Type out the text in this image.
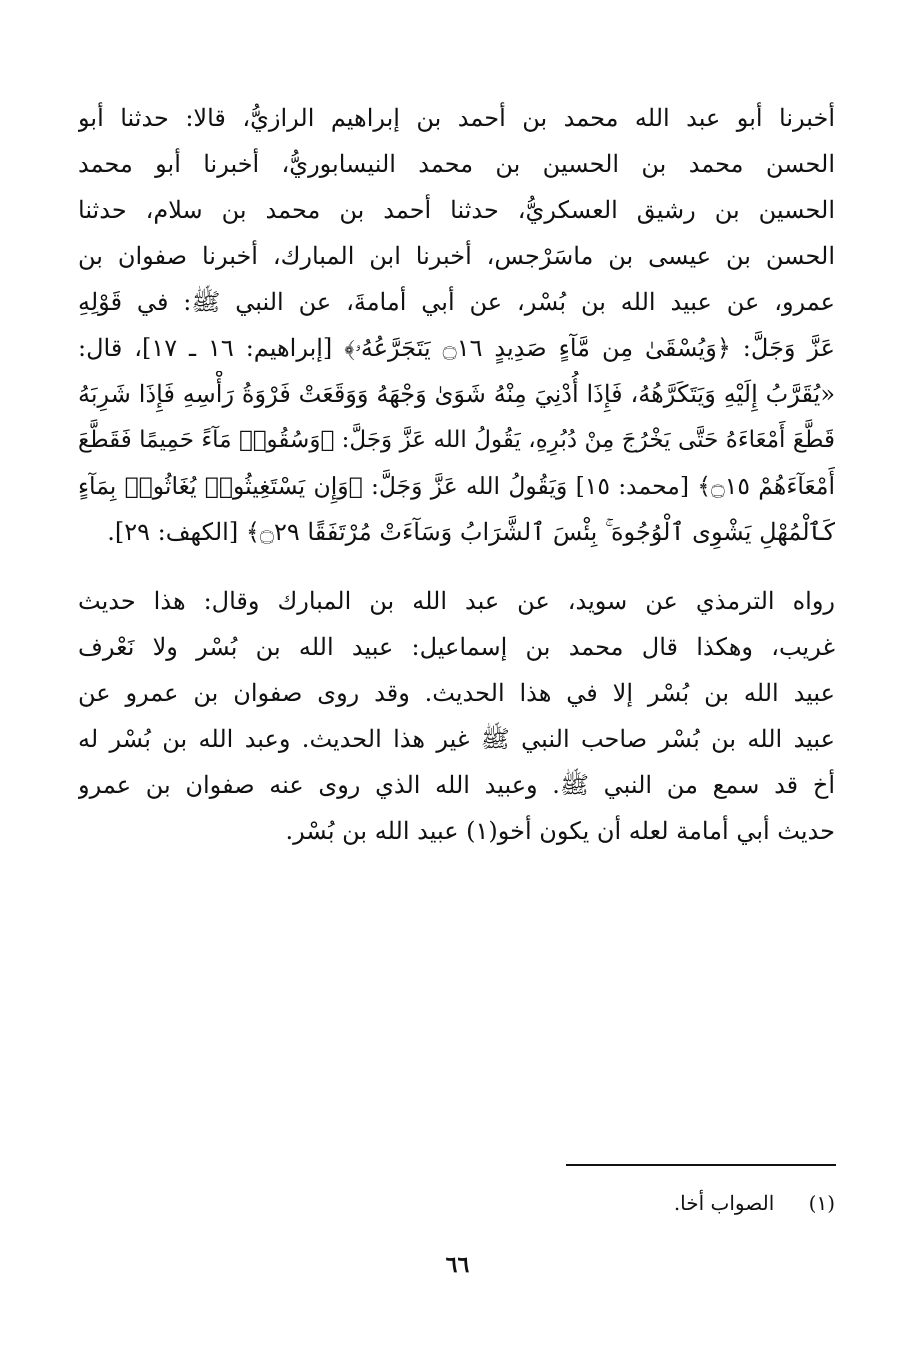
أخبرنا أبو عبد الله محمد بن أحمد بن إبراهيم الرازيُّ، قالا: حدثنا أبو
الحسن محمد بن الحسين بن محمد النيسابوريُّ، أخبرنا أبو محمد
الحسين بن رشيق العسكريُّ، حدثنا أحمد بن محمد بن سلام، حدثنا
الحسن بن عيسى بن ماسَرْجس، أخبرنا ابن المبارك، أخبرنا صفوان بن
عمرو، عن عبيد الله بن بُسْر، عن أبي أمامةَ، عن النبي ﷺ: في قَوْلِهِ
عَزَّ وَجَلَّ: ﴿وَيُسْقَىٰ مِن مَّآءٍ صَدِيدٍ ۝١٦ يَتَجَرَّعُهُۥ﴾ [إبراهيم: ١٦ ـ ١٧]، قال:
«يُقَرَّبُ إِلَيْهِ وَيَتَكَرَّهُهُ، فَإِذَا أُدْنِيَ مِنْهُ شَوَىٰ وَجْهَهُ وَوَقَعَتْ فَرْوَةُ رَأْسِهِ فَإِذَا شَرِبَهُ
قَطَّعَ أَمْعَاءَهُ حَتَّى يَخْرُجَ مِنْ دُبُرِهِ، يَقُولُ الله عَزَّ وَجَلَّ: ﴿وَسُقُوا۟ مَآءً حَمِيمًا فَقَطَّعَ
أَمْعَآءَهُمْ ۝١٥﴾ [محمد: ١٥] وَيَقُولُ الله عَزَّ وَجَلَّ: ﴿وَإِن يَسْتَغِيثُوا۟ يُغَاثُوا۟ بِمَآءٍ
كَٱلْمُهْلِ يَشْوِى ٱلْوُجُوهَ ۚ بِئْسَ ٱلشَّرَابُ وَسَآءَتْ مُرْتَفَقًا ۝٢٩﴾ [الكهف: ٢٩].
رواه الترمذي عن سويد، عن عبد الله بن المبارك وقال: هذا حديث
غريب، وهكذا قال محمد بن إسماعيل: عبيد الله بن بُسْر ولا نَعْرف
عبيد الله بن بُسْر إلا في هذا الحديث. وقد روى صفوان بن عمرو عن
عبيد الله بن بُسْر صاحب النبي ﷺ غير هذا الحديث. وعبد الله بن بُسْر له
أخ قد سمع من النبي ﷺ. وعبيد الله الذي روى عنه صفوان بن عمرو
حديث أبي أمامة لعله أن يكون أخو(١) عبيد الله بن بُسْر.
(١) الصواب أخا.
٦٦
